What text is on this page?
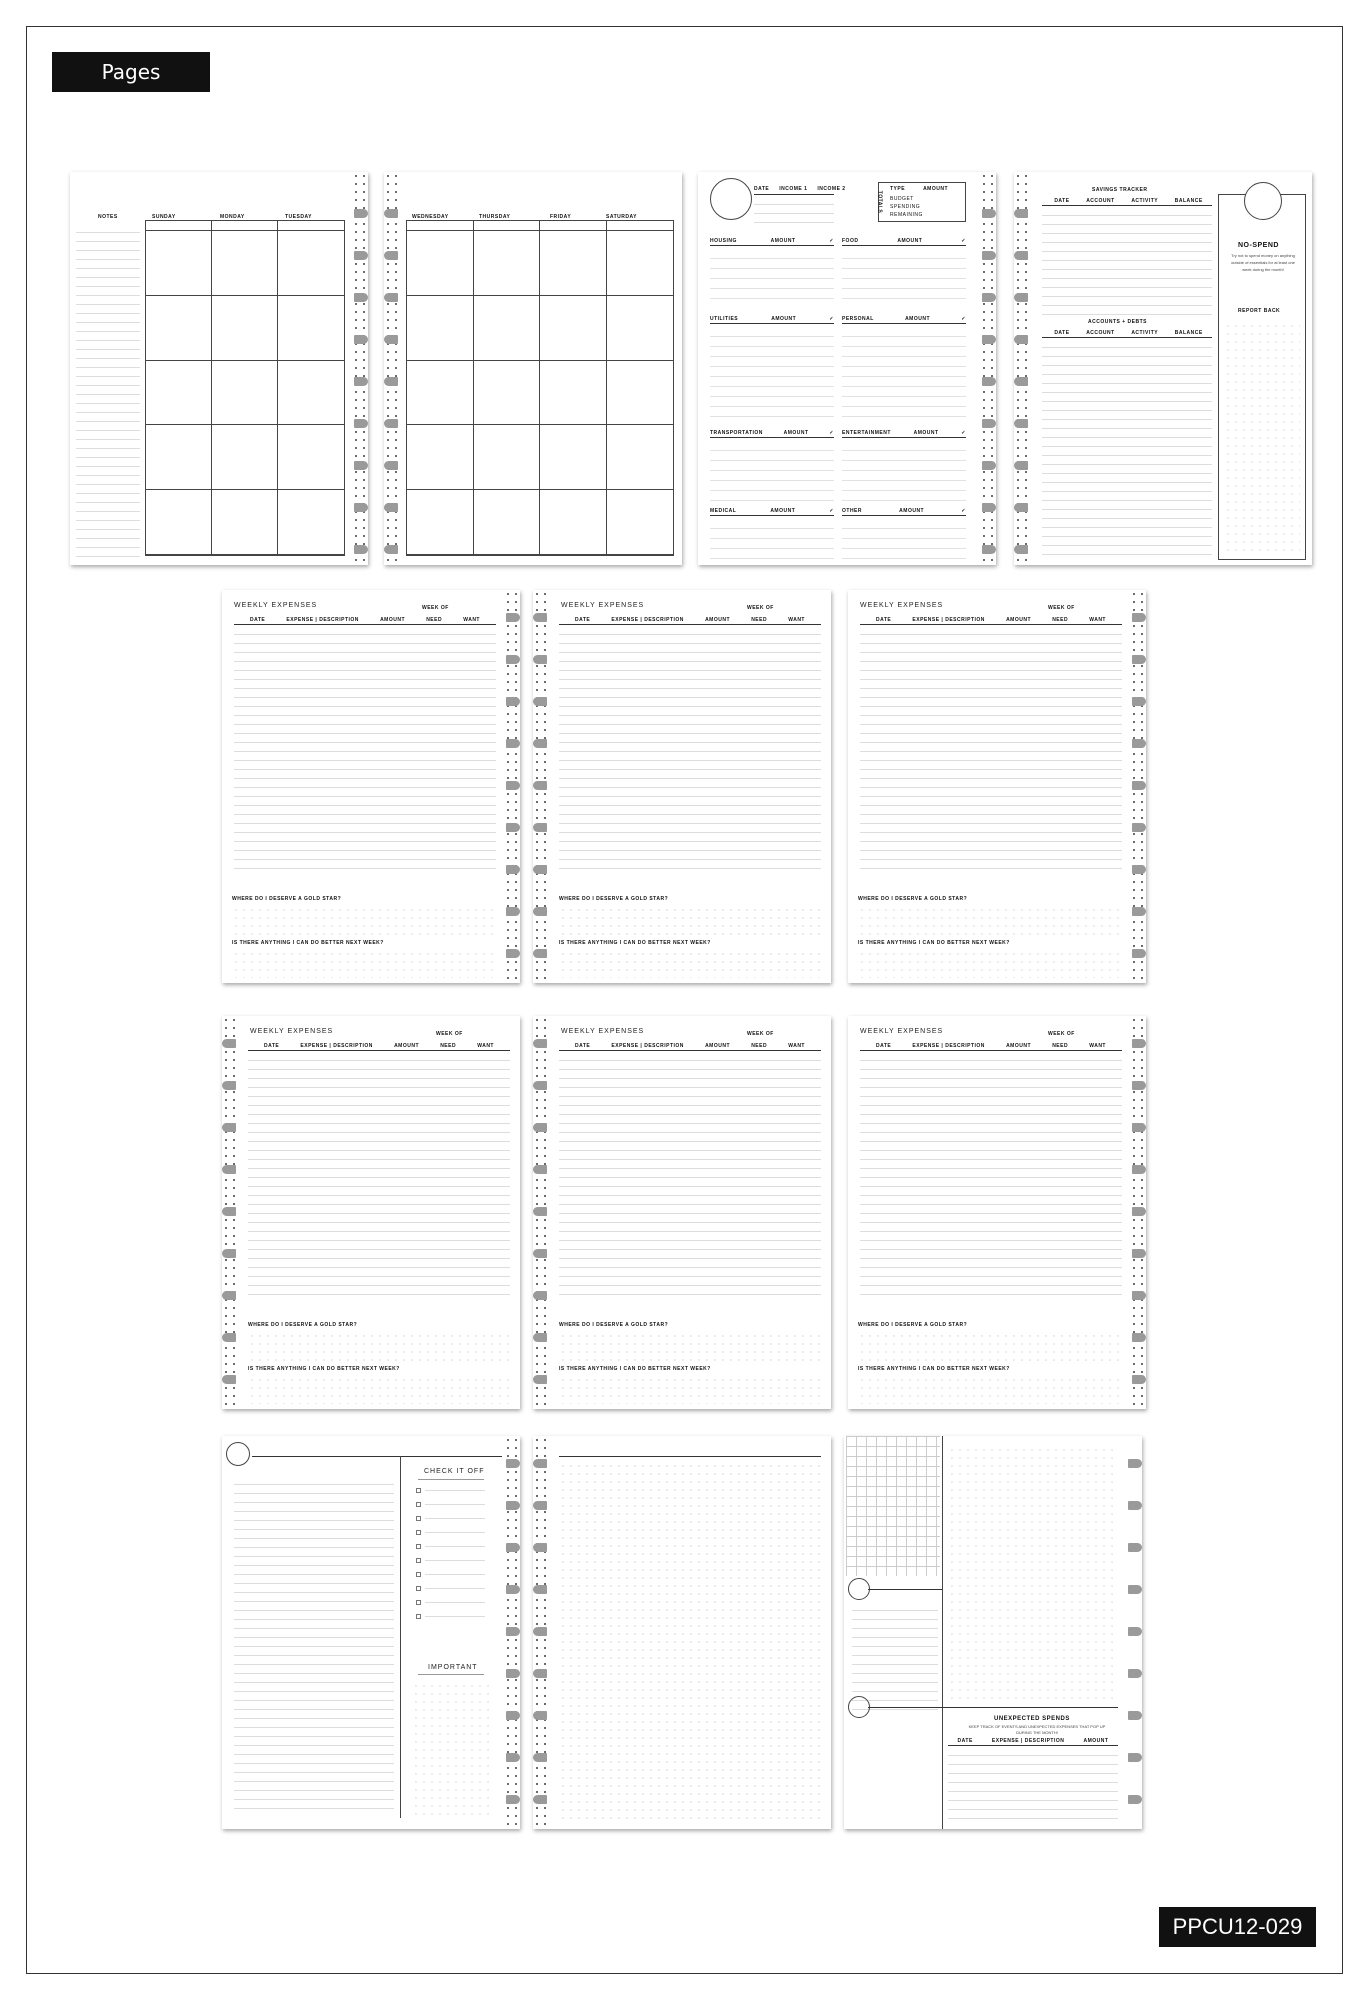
Pages
PPCU12-029
NOTES	SUNDAY	MONDAY	TUESDAY	WEDNESDAY	THURSDAY	FRIDAY	SATURDAY
DATE INCOME 1 INCOME 2
TOTALS
TYPE	AMOUNT
BUDGET
SPENDING
REMAINING
HOUSING	AMOUNT	✓ FOOD	AMOUNT	✓
UTILITIES	AMOUNT	✓ PERSONAL	AMOUNT	✓
TRANSPORTATION	AMOUNT	✓ ENTERTAINMENT	AMOUNT	✓
MEDICAL	AMOUNT	✓ OTHER	AMOUNT	✓
SAVINGS TRACKER
DATE	ACCOUNT	ACTIVITY	BALANCE
ACCOUNTS + DEBTS
DATE	ACCOUNT	ACTIVITY	BALANCE
NO-SPEND
Try not to spend money on anything outside of essentials for at least one week during the month!
REPORT BACK
WEEKLY EXPENSES	WEEK OF
DATE	EXPENSE | DESCRIPTION	AMOUNT	NEED	WANT
WHERE DO I DESERVE A GOLD STAR?
IS THERE ANYTHING I CAN DO BETTER NEXT WEEK?
WEEKLY EXPENSES	WEEK OF
DATE	EXPENSE | DESCRIPTION	AMOUNT	NEED	WANT
WHERE DO I DESERVE A GOLD STAR?
IS THERE ANYTHING I CAN DO BETTER NEXT WEEK?
WEEKLY EXPENSES	WEEK OF
DATE	EXPENSE | DESCRIPTION	AMOUNT	NEED	WANT
WHERE DO I DESERVE A GOLD STAR?
IS THERE ANYTHING I CAN DO BETTER NEXT WEEK?
WEEKLY EXPENSES	WEEK OF
DATE	EXPENSE | DESCRIPTION	AMOUNT	NEED	WANT
WHERE DO I DESERVE A GOLD STAR?
IS THERE ANYTHING I CAN DO BETTER NEXT WEEK?
WEEKLY EXPENSES	WEEK OF
DATE	EXPENSE | DESCRIPTION	AMOUNT	NEED	WANT
WHERE DO I DESERVE A GOLD STAR?
IS THERE ANYTHING I CAN DO BETTER NEXT WEEK?
WEEKLY EXPENSES	WEEK OF
DATE	EXPENSE | DESCRIPTION	AMOUNT	NEED	WANT
WHERE DO I DESERVE A GOLD STAR?
IS THERE ANYTHING I CAN DO BETTER NEXT WEEK?
CHECK IT OFF
IMPORTANT
UNEXPECTED SPENDS
KEEP TRACK OF EVENTS AND UNEXPECTED EXPENSES THAT POP UP DURING THE MONTH!
DATE	EXPENSE | DESCRIPTION	AMOUNT
